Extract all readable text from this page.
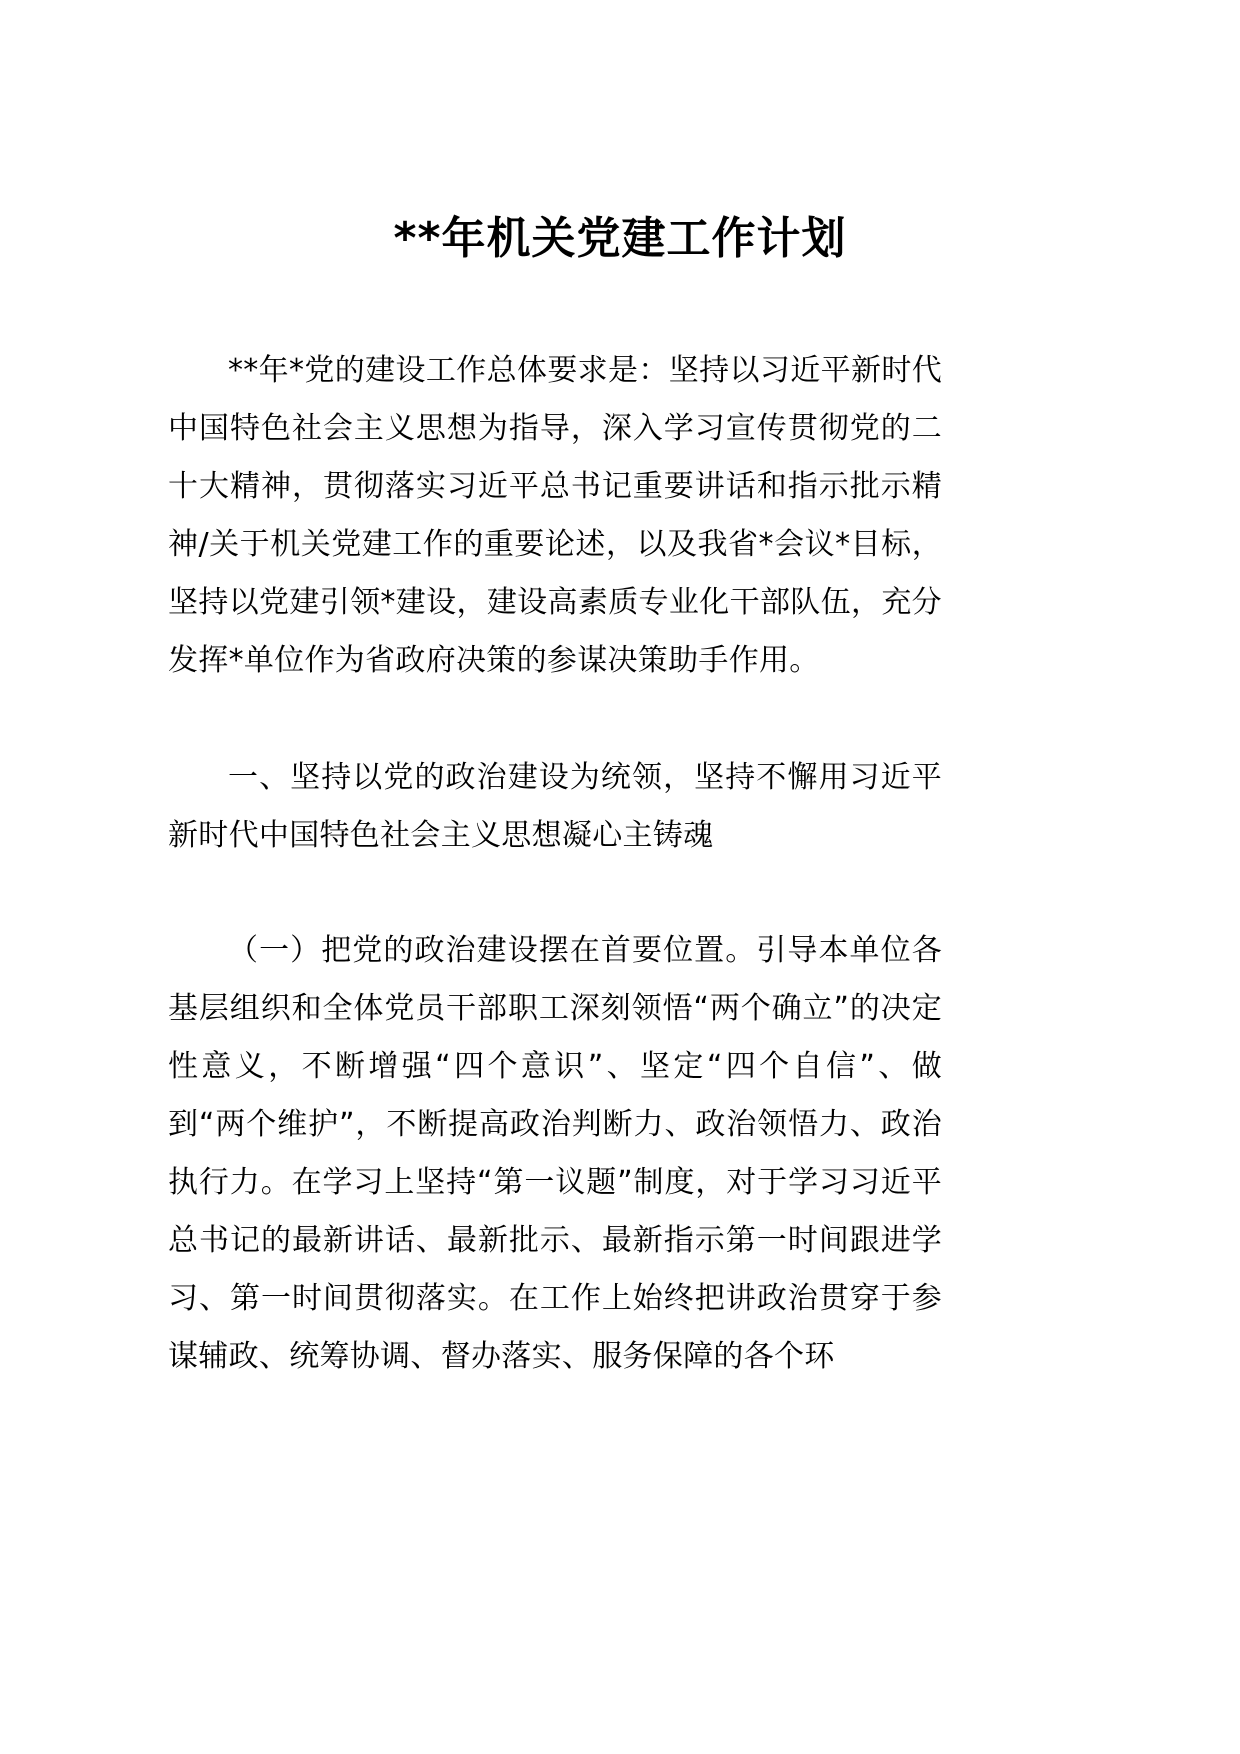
**年机关党建工作计划

**年*党的建设工作总体要求是：坚持以习近平新时代中国特色社会主义思想为指导，深入学习宣传贯彻党的二十大精神，贯彻落实习近平总书记重要讲话和指示批示精神/关于机关党建工作的重要论述，以及我省*会议*目标，坚持以党建引领*建设，建设高素质专业化干部队伍，充分发挥*单位作为省政府决策的参谋决策助手作用。

一、坚持以党的政治建设为统领，坚持不懈用习近平新时代中国特色社会主义思想凝心主铸魂

（一）把党的政治建设摆在首要位置。引导本单位各基层组织和全体党员干部职工深刻领悟“两个确立”的决定性意义，不断增强“四个意识”、坚定“四个自信”、做到“两个维护”，不断提高政治判断力、政治领悟力、政治执行力。在学习上坚持“第一议题”制度，对于学习习近平总书记的最新讲话、最新批示、最新指示第一时间跟进学习、第一时间贯彻落实。在工作上始终把讲政治贯穿于参谋辅政、统筹协调、督办落实、服务保障的各个环
